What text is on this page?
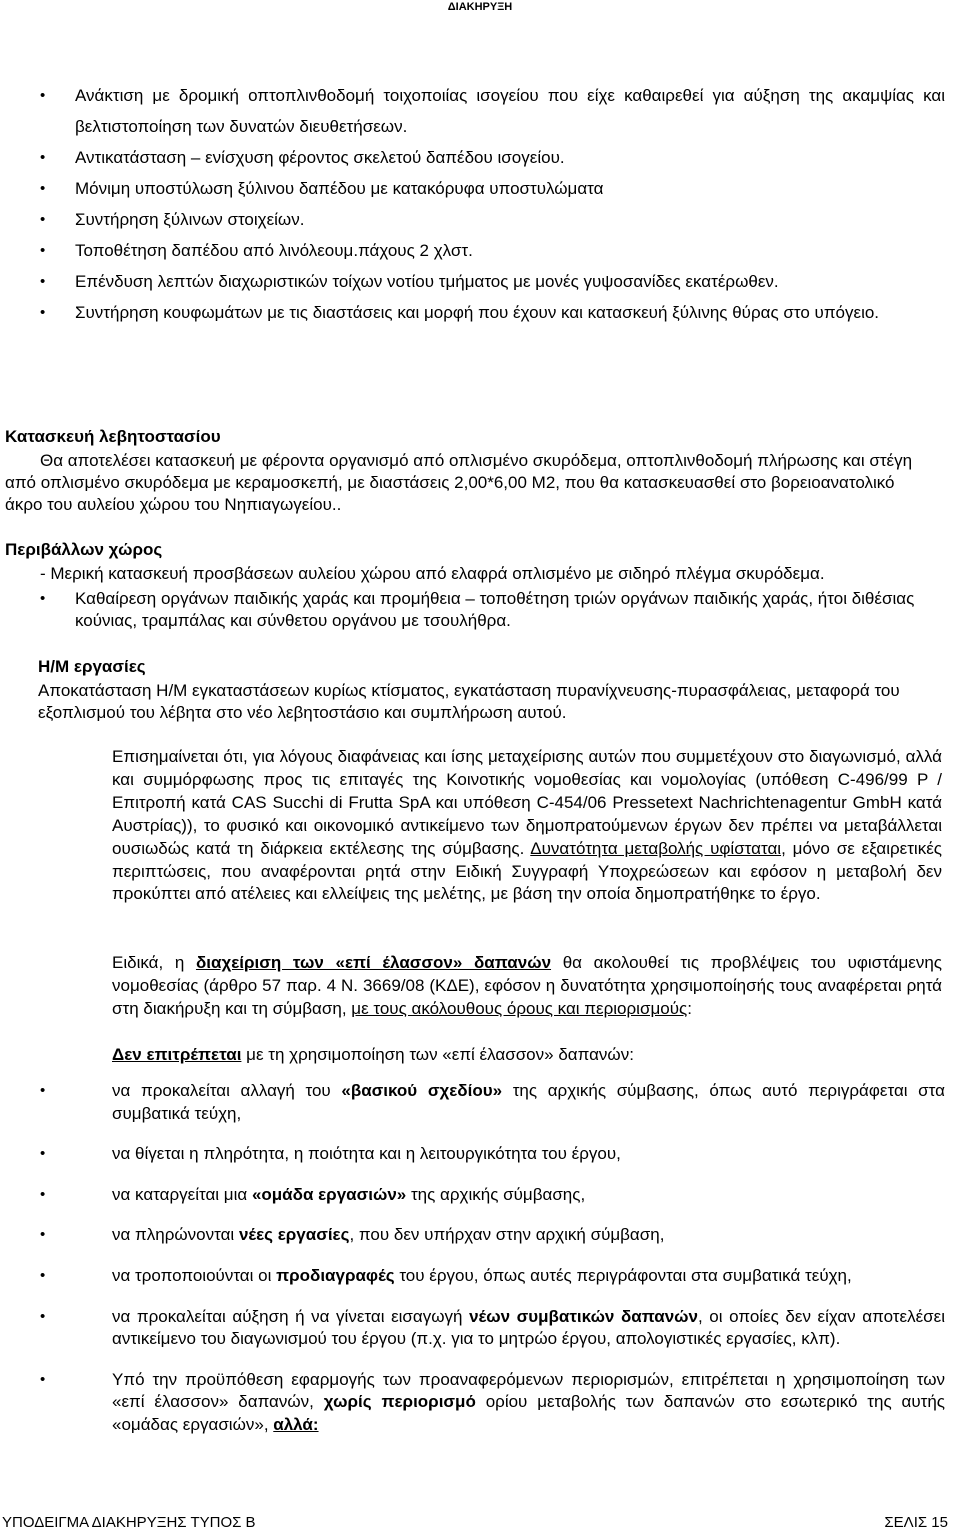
ΔΙΑΚΗΡΥΞΗ
• Ανάκτιση με δρομική οπτοπλινθοδομή τοιχοποιίας ισογείου που είχε καθαιρεθεί για αύξηση της ακαμψίας και βελτιστοποίηση των δυνατών διευθετήσεων.
• Αντικατάσταση – ενίσχυση φέροντος σκελετού δαπέδου ισογείου.
• Μόνιμη υποστύλωση ξύλινου δαπέδου με κατακόρυφα υποστυλώματα
• Συντήρηση ξύλινων στοιχείων.
• Τοποθέτηση δαπέδου από λινόλεουμ.πάχους 2 χλστ.
• Επένδυση λεπτών διαχωριστικών τοίχων νοτίου τμήματος με μονές γυψοσανίδες εκατέρωθεν.
• Συντήρηση κουφωμάτων με τις διαστάσεις και μορφή που έχουν και κατασκευή ξύλινης θύρας στο υπόγειο.
Κατασκευή λεβητοστασίου
Θα αποτελέσει κατασκευή με φέροντα οργανισμό από οπλισμένο σκυρόδεμα, οπτοπλινθοδομή πλήρωσης και στέγη από οπλισμένο σκυρόδεμα με κεραμοσκεπή, με διαστάσεις 2,00*6,00 Μ2, που θα κατασκευασθεί στο βορειοανατολικό άκρο του αυλείου χώρου του Νηπιαγωγείου..
Περιβάλλων χώρος
- Μερική κατασκευή προσβάσεων αυλείου χώρου από ελαφρά οπλισμένο με σιδηρό πλέγμα σκυρόδεμα.
•	Καθαίρεση οργάνων παιδικής χαράς και προμήθεια – τοποθέτηση τριών οργάνων παιδικής χαράς, ήτοι διθέσιας κούνιας, τραμπάλας και σύνθετου οργάνου με τσουλήθρα.
Η/Μ εργασίες
Αποκατάσταση Η/Μ εγκαταστάσεων κυρίως κτίσματος, εγκατάσταση πυρανίχνευσης-πυρασφάλειας, μεταφορά του εξοπλισμού του λέβητα στο νέο λεβητοστάσιο και συμπλήρωση αυτού.
Επισημαίνεται ότι, για λόγους διαφάνειας και ίσης μεταχείρισης αυτών που συμμετέχουν στο διαγωνισμό, αλλά και συμμόρφωσης προς τις επιταγές της Κοινοτικής νομοθεσίας και νομολογίας (υπόθεση C-496/99 P / Επιτροπή κατά CAS Succhi di Frutta SpA και υπόθεση C-454/06 Pressetext Nachrichtenagentur GmbH κατά Αυστρίας)), το φυσικό και οικονομικό αντικείμενο των δημοπρατούμενων έργων δεν πρέπει να μεταβάλλεται ουσιωδώς κατά τη διάρκεια εκτέλεσης της σύμβασης. Δυνατότητα μεταβολής υφίσταται, μόνο σε εξαιρετικές περιπτώσεις, που αναφέρονται ρητά στην Ειδική Συγγραφή Υποχρεώσεων και εφόσον η μεταβολή δεν προκύπτει από ατέλειες και ελλείψεις της μελέτης, με βάση την οποία δημοπρατήθηκε το έργο.
Ειδικά, η διαχείριση των «επί έλασσον» δαπανών θα ακολουθεί τις προβλέψεις του υφιστάμενης νομοθεσίας (άρθρο 57 παρ. 4 Ν. 3669/08 (ΚΔΕ), εφόσον η δυνατότητα χρησιμοποίησής τους αναφέρεται ρητά στη διακήρυξη και τη σύμβαση, με τους ακόλουθους όρους και περιορισμούς:
Δεν επιτρέπεται με τη χρησιμοποίηση των «επί έλασσον» δαπανών:
• να προκαλείται αλλαγή του «βασικού σχεδίου» της αρχικής σύμβασης, όπως αυτό περιγράφεται στα συμβατικά τεύχη,
• να θίγεται η πληρότητα, η ποιότητα και η λειτουργικότητα του έργου,
• να καταργείται μια «ομάδα εργασιών» της αρχικής σύμβασης,
• να πληρώνονται νέες εργασίες, που δεν υπήρχαν στην αρχική σύμβαση,
• να τροποποιούνται οι προδιαγραφές του έργου, όπως αυτές περιγράφονται στα συμβατικά τεύχη,
• να προκαλείται αύξηση ή να γίνεται εισαγωγή νέων συμβατικών δαπανών, οι οποίες δεν είχαν αποτελέσει αντικείμενο του διαγωνισμού του έργου (π.χ. για το μητρώο έργου, απολογιστικές εργασίες, κλπ).
• Υπό την προϋπόθεση εφαρμογής των προαναφερόμενων περιορισμών, επιτρέπεται η χρησιμοποίηση των «επί έλασσον» δαπανών, χωρίς περιορισμό ορίου μεταβολής των δαπανών στο εσωτερικό της αυτής «ομάδας εργασιών», αλλά:
ΥΠΟΔΕΙΓΜΑ ΔΙΑΚΗΡΥΞΗΣ ΤΥΠΟΣ Β	ΣΕΛΙΣ 15
